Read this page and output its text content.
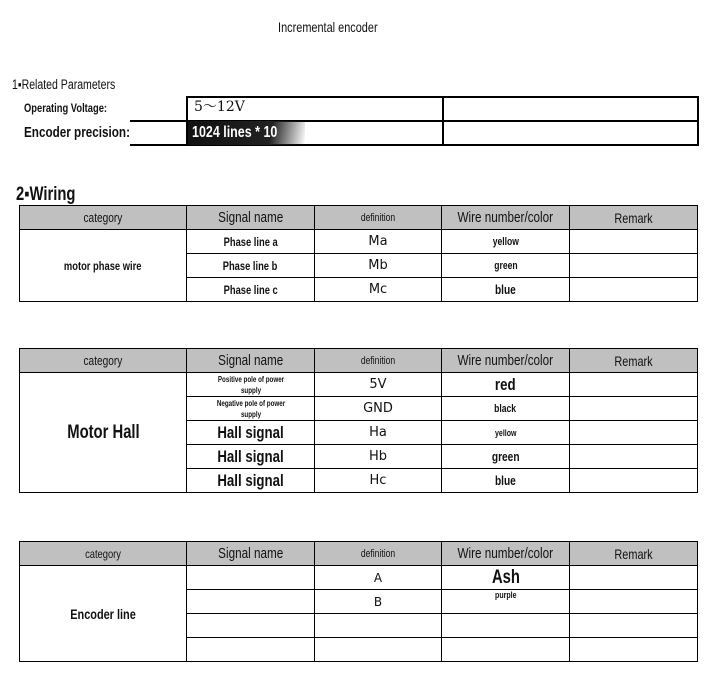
Incremental encoder
1▪Related Parameters
Operating Voltage:	5～12V
Encoder precision:	1024 lines * 10
2▪Wiring
category	Signal name	definition	Wire number/color	Remark
motor phase wire	Phase line a	Ma	yellow	
	Phase line b	Mb	green	
	Phase line c	Mc	blue	
category	Signal name	definition	Wire number/color	Remark
Motor Hall	Positive pole of power supply	5V	red	
	Negative pole of power supply	GND	black	
	Hall signal	Ha	yellow	
	Hall signal	Hb	green	
	Hall signal	Hc	blue	
category	Signal name	definition	Wire number/color	Remark
Encoder line		A	Ash	
		B	purple	
